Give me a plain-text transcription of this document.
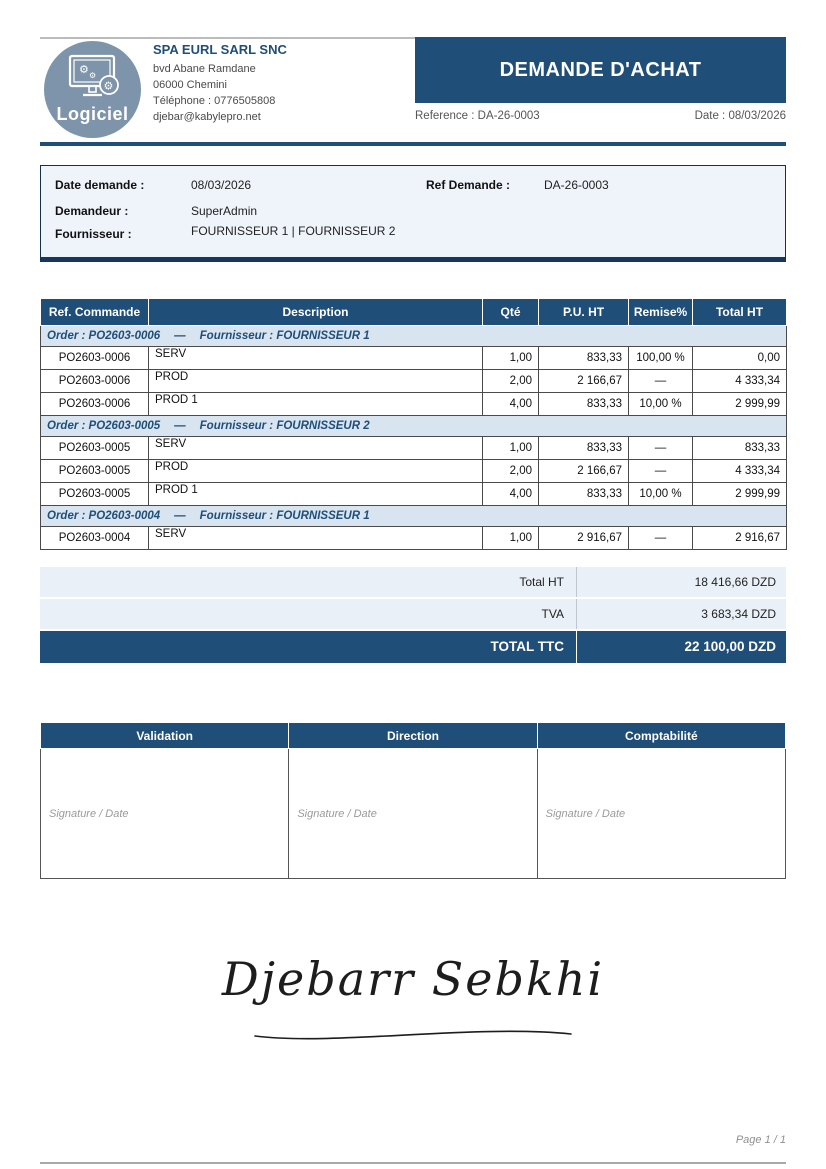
⚙ ⚙
⚙
Logiciel
SPA EURL SARL SNC
bvd Abane Ramdane
06000 Chemini
Téléphone : 0776505808
djebar@kabylepro.net
DEMANDE D'ACHAT
Reference : DA-26-0003	Date : 08/03/2026
Date demande :	08/03/2026	Ref Demande :	DA-26-0003
Demandeur :	SuperAdmin
Fournisseur :	FOURNISSEUR 1 | FOURNISSEUR 2
Ref. Commande	Description	Qté	P.U. HT	Remise%	Total HT
Order : PO2603-0006 — Fournisseur : FOURNISSEUR 1					
PO2603-0006	SERV	1,00	833,33	100,00 %	0,00
PO2603-0006	PROD	2,00	2 166,67	—	4 333,34
PO2603-0006	PROD 1	4,00	833,33	10,00 %	2 999,99
Order : PO2603-0005 — Fournisseur : FOURNISSEUR 2					
PO2603-0005	SERV	1,00	833,33	—	833,33
PO2603-0005	PROD	2,00	2 166,67	—	4 333,34
PO2603-0005	PROD 1	4,00	833,33	10,00 %	2 999,99
Order : PO2603-0004 — Fournisseur : FOURNISSEUR 1					
PO2603-0004	SERV	1,00	2 916,67	—	2 916,67
Total HT	18 416,66 DZD
TVA	3 683,34 DZD
TOTAL TTC	22 100,00 DZD
Validation	Direction	Comptabilité
Signature / Date	Signature / Date	Signature / Date
Djebarr Sebkhi
Page 1 / 1
